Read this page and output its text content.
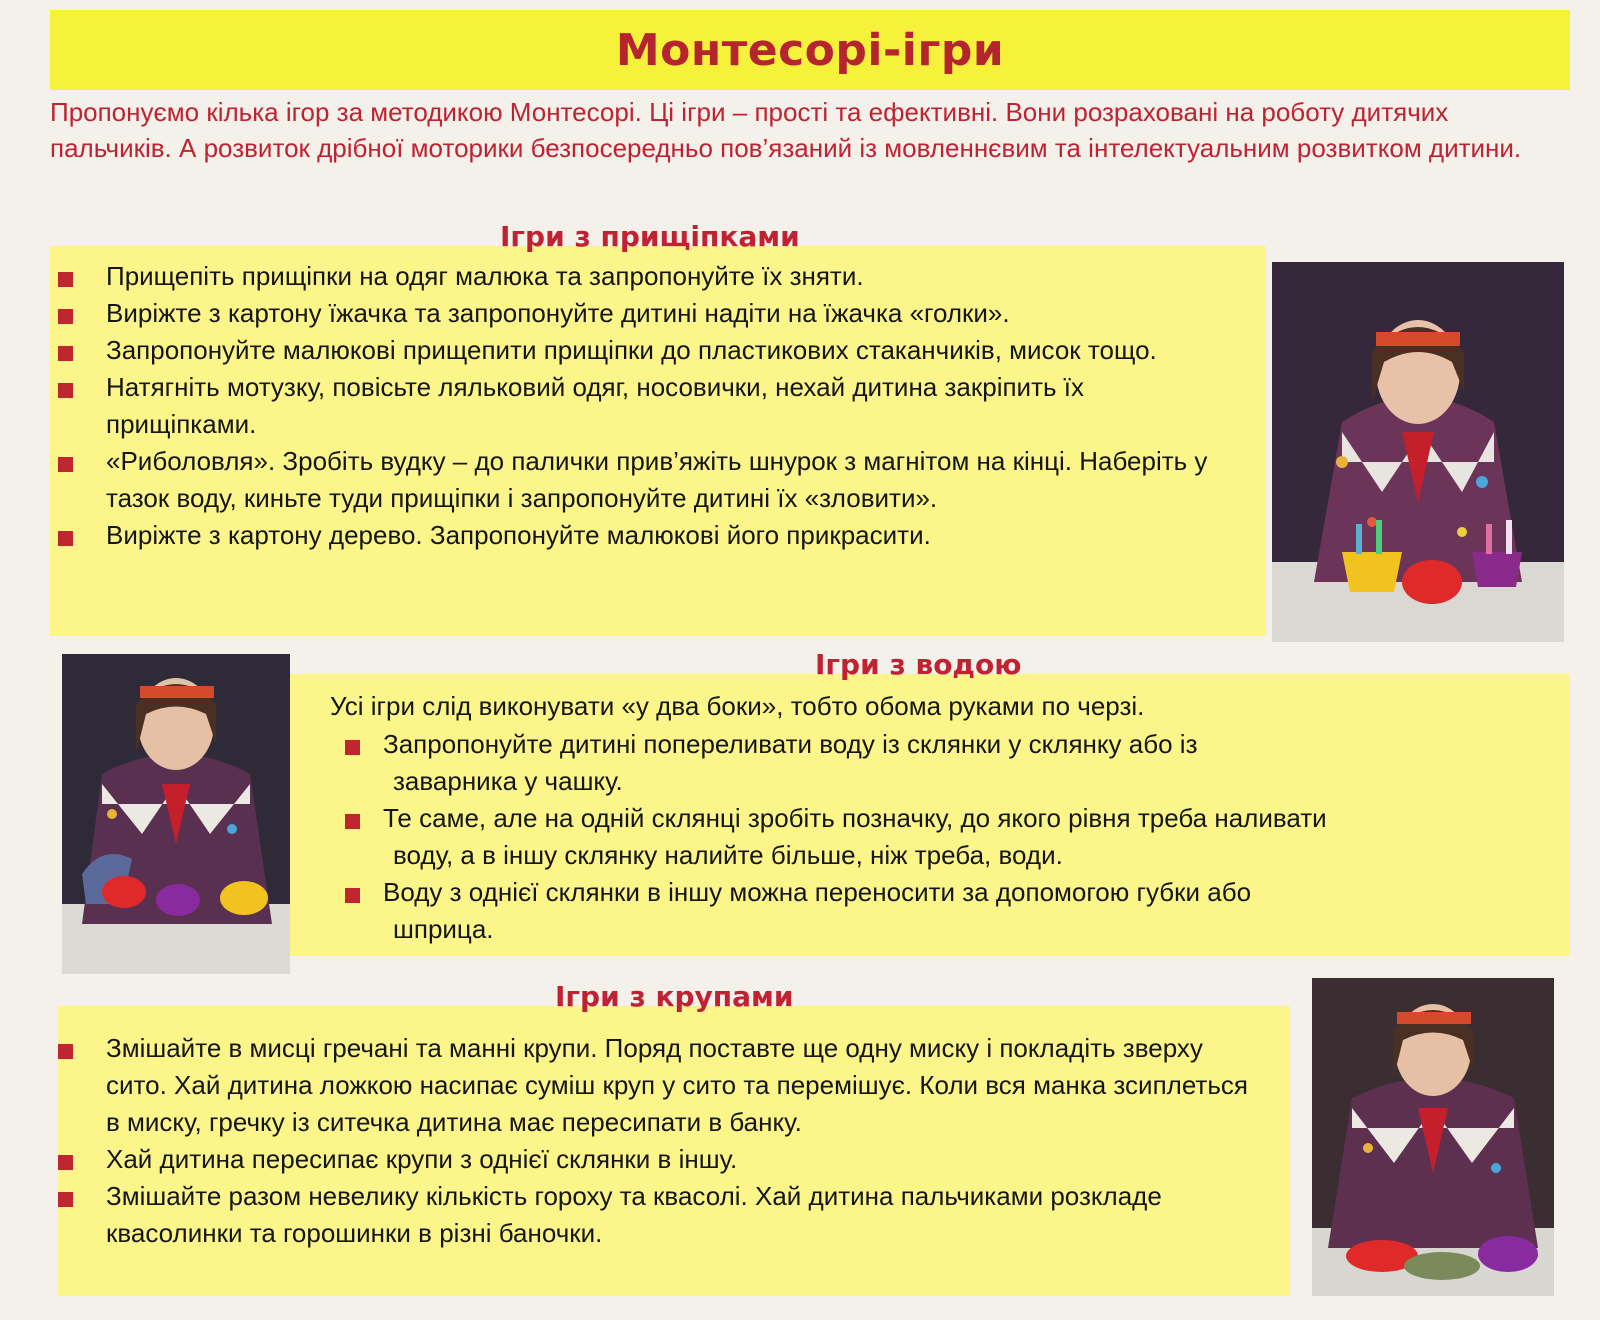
Монтесорі-ігри

Пропонуємо кілька ігор за методикою Монтесорі. Ці ігри – прості та ефективні. Вони розраховані на роботу дитячих пальчиків. А розвиток дрібної моторики безпосередньо пов’язаний із мовленнєвим та інтелектуальним розвитком дитини.

Ігри з прищіпками
Прищепіть прищіпки на одяг малюка та запропонуйте їх зняти.
Виріжте з картону їжачка та запропонуйте дитині надіти на їжачка «голки».
Запропонуйте малюкові прищепити прищіпки до пластикових стаканчиків, мисок тощо.
Натягніть мотузку, повісьте ляльковий одяг, носовички, нехай дитина закріпить їх прищіпками.
«Риболовля». Зробіть вудку – до палички прив’яжіть шнурок з магнітом на кінці. Наберіть у тазок воду, киньте туди прищіпки і запропонуйте дитині їх «зловити».
Виріжте з картону дерево. Запропонуйте малюкові його прикрасити.
Ігри з водою

Усі ігри слід виконувати «у два боки», тобто обома руками по черзі.

Запропонуйте дитині попереливати воду із склянки у склянку або із
заварника у чашку.
Те саме, але на одній склянці зробіть позначку, до якого рівня треба наливати
воду, а в іншу склянку налийте більше, ніж треба, води.
Воду з однієї склянки в іншу можна переносити за допомогою губки або
шприца.
Ігри з крупами
Змішайте в мисці гречані та манні крупи. Поряд поставте ще одну миску і покладіть зверху сито. Хай дитина ложкою насипає суміш круп у сито та перемішує. Коли вся манка зсиплеться в миску, гречку із ситечка дитина має пересипати в банку.
Хай дитина пересипає крупи з однієї склянки в іншу.
Змішайте разом невелику кількість гороху та квасолі. Хай дитина пальчиками розкладе квасолинки та горошинки в різні баночки.
